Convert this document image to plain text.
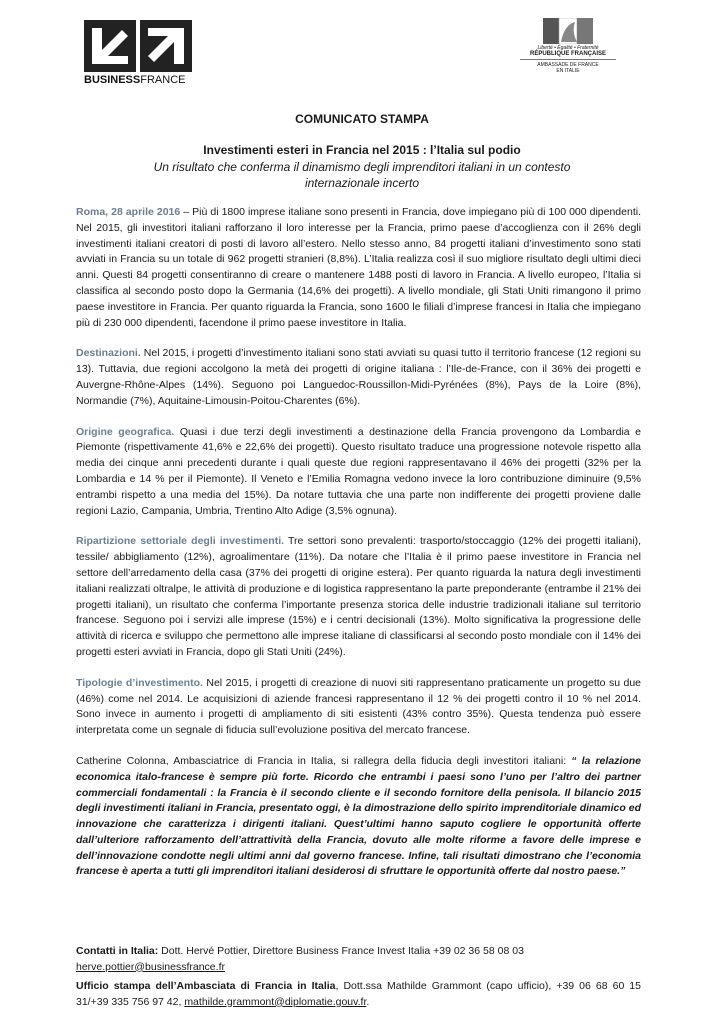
BUSINESSFRANCE
Liberté • Égalité • Fraternité
RÉPUBLIQUE FRANÇAISE
AMBASSADE DE FRANCE
EN ITALIE
COMUNICATO STAMPA
Investimenti esteri in Francia nel 2015 : l’Italia sul podio
Un risultato che conferma il dinamismo degli imprenditori italiani in un contesto internazionale incerto

Roma, 28 aprile 2016 – Più di 1800 imprese italiane sono presenti in Francia, dove impiegano più di 100 000 dipendenti. Nel 2015, gli investitori italiani rafforzano il loro interesse per la Francia, primo paese d’accoglienza con il 26% degli investimenti italiani creatori di posti di lavoro all’estero. Nello stesso anno, 84 progetti italiani d’investimento sono stati avviati in Francia su un totale di 962 progetti stranieri (8,8%). L’Italia realizza così il suo migliore risultato degli ultimi dieci anni. Questi 84 progetti consentiranno di creare o mantenere 1488 posti di lavoro in Francia. A livello europeo, l’Italia si classifica al secondo posto dopo la Germania (14,6% dei progetti). A livello mondiale, gli Stati Uniti rimangono il primo paese investitore in Francia. Per quanto riguarda la Francia, sono 1600 le filiali d’imprese francesi in Italia che impiegano più di 230 000 dipendenti, facendone il primo paese investitore in Italia.

Destinazioni. Nel 2015, i progetti d’investimento italiani sono stati avviati su quasi tutto il territorio francese (12 regioni su 13). Tuttavia, due regioni accolgono la metà dei progetti di origine italiana : l’Ile-de-France, con il 36% dei progetti e Auvergne-Rhône-Alpes (14%). Seguono poi Languedoc-Roussillon-Midi-Pyrénées (8%), Pays de la Loire (8%), Normandie (7%), Aquitaine-Limousin-Poitou-Charentes (6%).

Origine geografica. Quasi i due terzi degli investimenti a destinazione della Francia provengono da Lombardia e Piemonte (rispettivamente 41,6% e 22,6% dei progetti). Questo risultato traduce una progressione notevole rispetto alla media dei cinque anni precedenti durante i quali queste due regioni rappresentavano il 46% dei progetti (32% per la Lombardia e 14 % per il Piemonte). Il Veneto e l’Emilia Romagna vedono invece la loro contribuzione diminuire (9,5% entrambi rispetto a una media del 15%). Da notare tuttavia che una parte non indifferente dei progetti proviene dalle regioni Lazio, Campania, Umbria, Trentino Alto Adige (3,5% ognuna).

Ripartizione settoriale degli investimenti. Tre settori sono prevalenti: trasporto/stoccaggio (12% dei progetti italiani), tessile/ abbigliamento (12%), agroalimentare (11%). Da notare che l’Italia è il primo paese investitore in Francia nel settore dell’arredamento della casa (37% dei progetti di origine estera). Per quanto riguarda la natura degli investimenti italiani realizzati oltralpe, le attività di produzione e di logistica rappresentano la parte preponderante (entrambe il 21% dei progetti italiani), un risultato che conferma l’importante presenza storica delle industrie tradizionali italiane sul territorio francese. Seguono poi i servizi alle imprese (15%) e i centri decisionali (13%). Molto significativa la progressione delle attività di ricerca e sviluppo che permettono alle imprese italiane di classificarsi al secondo posto mondiale con il 14% dei progetti esteri avviati in Francia, dopo gli Stati Uniti (24%).

Tipologie d’investimento. Nel 2015, i progetti di creazione di nuovi siti rappresentano praticamente un progetto su due (46%) come nel 2014. Le acquisizioni di aziende francesi rappresentano il 12 % dei progetti contro il 10 % nel 2014. Sono invece in aumento i progetti di ampliamento di siti esistenti (43% contro 35%). Questa tendenza può essere interpretata come un segnale di fiducia sull’evoluzione positiva del mercato francese.

Catherine Colonna, Ambasciatrice di Francia in Italia, si rallegra della fiducia degli investitori italiani: “ la relazione economica italo-francese è sempre più forte. Ricordo che entrambi i paesi sono l’uno per l’altro dei partner commerciali fondamentali : la Francia è il secondo cliente e il secondo fornitore della penisola. Il bilancio 2015 degli investimenti italiani in Francia, presentato oggi, è la dimostrazione dello spirito imprenditoriale dinamico ed innovazione che caratterizza i dirigenti italiani. Quest’ultimi hanno saputo cogliere le opportunità offerte dall’ulteriore rafforzamento dell’attrattività della Francia, dovuto alle molte riforme a favore delle imprese e dell’innovazione condotte negli ultimi anni dal governo francese. Infine, tali risultati dimostrano che l’economia francese è aperta a tutti gli imprenditori italiani desiderosi di sfruttare le opportunità offerte dal nostro paese.”

Contatti in Italia: Dott. Hervé Pottier, Direttore Business France Invest Italia +39 02 36 58 08 03
herve.pottier@businessfrance.fr
Ufficio stampa dell’Ambasciata di Francia in Italia, Dott.ssa Mathilde Grammont (capo ufficio), +39 06 68 60 15 31/+39 335 756 97 42, mathilde.grammont@diplomatie.gouv.fr.
